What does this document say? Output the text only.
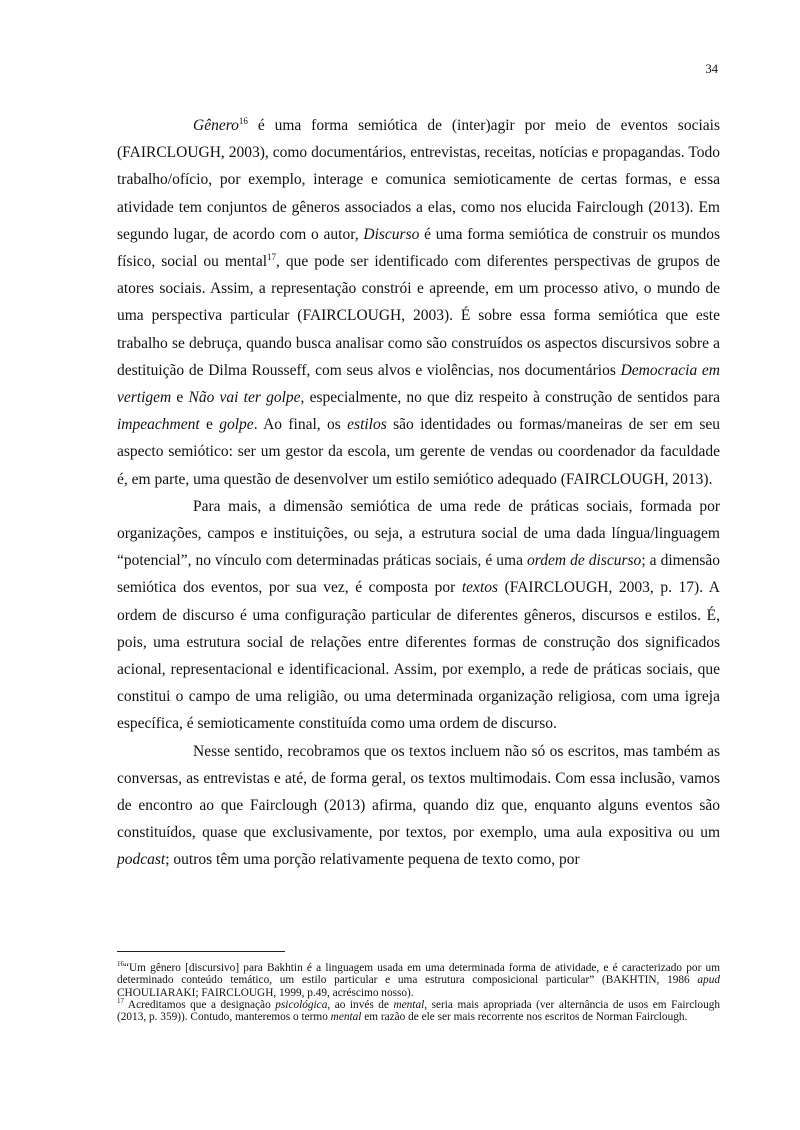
34

Gênero$^{16}$ é uma forma semiótica de (inter)agir por meio de eventos sociais (FAIRCLOUGH, 2003), como documentários, entrevistas, receitas, notícias e propagandas. Todo trabalho/ofício, por exemplo, interage e comunica semioticamente de certas formas, e essa atividade tem conjuntos de gêneros associados a elas, como nos elucida Fairclough (2013). Em segundo lugar, de acordo com o autor, Discurso é uma forma semiótica de construir os mundos físico, social ou mental$^{17}$, que pode ser identificado com diferentes perspectivas de grupos de atores sociais. Assim, a representação constrói e apreende, em um processo ativo, o mundo de uma perspectiva particular (FAIRCLOUGH, 2003). É sobre essa forma semiótica que este trabalho se debruça, quando busca analisar como são construídos os aspectos discursivos sobre a destituição de Dilma Rousseff, com seus alvos e violências, nos documentários Democracia em vertigem e Não vai ter golpe, especialmente, no que diz respeito à construção de sentidos para impeachment e golpe. Ao final, os estilos são identidades ou formas/maneiras de ser em seu aspecto semiótico: ser um gestor da escola, um gerente de vendas ou coordenador da faculdade é, em parte, uma questão de desenvolver um estilo semiótico adequado (FAIRCLOUGH, 2013).

Para mais, a dimensão semiótica de uma rede de práticas sociais, formada por organizações, campos e instituições, ou seja, a estrutura social de uma dada língua/linguagem “potencial”, no vínculo com determinadas práticas sociais, é uma ordem de discurso; a dimensão semiótica dos eventos, por sua vez, é composta por textos (FAIRCLOUGH, 2003, p. 17). A ordem de discurso é uma configuração particular de diferentes gêneros, discursos e estilos. É, pois, uma estrutura social de relações entre diferentes formas de construção dos significados acional, representacional e identificacional. Assim, por exemplo, a rede de práticas sociais, que constitui o campo de uma religião, ou uma determinada organização religiosa, com uma igreja específica, é semioticamente constituída como uma ordem de discurso.

Nesse sentido, recobramos que os textos incluem não só os escritos, mas também as conversas, as entrevistas e até, de forma geral, os textos multimodais. Com essa inclusão, vamos de encontro ao que Fairclough (2013) afirma, quando diz que, enquanto alguns eventos são constituídos, quase que exclusivamente, por textos, por exemplo, uma aula expositiva ou um podcast; outros têm uma porção relativamente pequena de texto como, por

$^{16}$“Um gênero [discursivo] para Bakhtin é a linguagem usada em uma determinada forma de atividade, e é caracterizado por um determinado conteúdo temático, um estilo particular e uma estrutura composicional particular” (BAKHTIN, 1986 apud CHOULIARAKI; FAIRCLOUGH, 1999, p.49, acréscimo nosso).

$^{17}$ Acreditamos que a designação psicológica, ao invés de mental, seria mais apropriada (ver alternância de usos em Fairclough (2013, p. 359)). Contudo, manteremos o termo mental em razão de ele ser mais recorrente nos escritos de Norman Fairclough.
